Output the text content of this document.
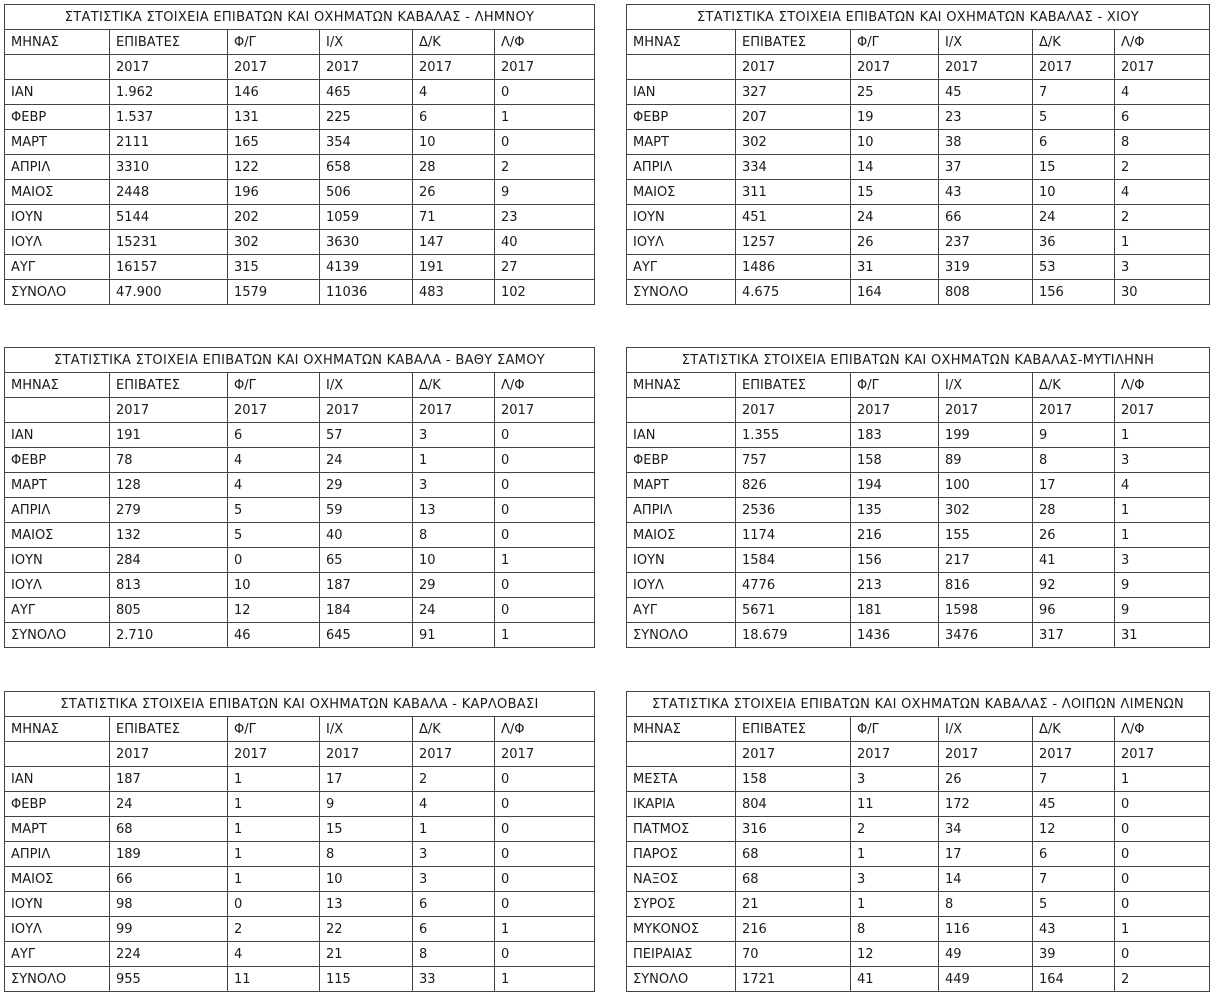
ΣΤΑΤΙΣΤΙΚΑ ΣΤΟΙΧΕΙΑ ΕΠΙΒΑΤΩΝ ΚΑΙ ΟΧΗΜΑΤΩΝ ΚΑΒΑΛΑΣ - ΛΗΜΝΟΥ					
ΜΗΝΑΣ	ΕΠΙΒΑΤΕΣ	Φ/Γ	Ι/Χ	Δ/Κ	Λ/Φ
	2017	2017	2017	2017	2017
ΙΑΝ	1.962	146	465	4	0
ΦΕΒΡ	1.537	131	225	6	1
ΜΑΡΤ	2111	165	354	10	0
ΑΠΡΙΛ	3310	122	658	28	2
ΜΑΙΟΣ	2448	196	506	26	9
ΙΟΥΝ	5144	202	1059	71	23
ΙΟΥΛ	15231	302	3630	147	40
ΑΥΓ	16157	315	4139	191	27
ΣΥΝΟΛΟ	47.900	1579	11036	483	102
ΣΤΑΤΙΣΤΙΚΑ ΣΤΟΙΧΕΙΑ ΕΠΙΒΑΤΩΝ ΚΑΙ ΟΧΗΜΑΤΩΝ ΚΑΒΑΛΑΣ - ΧΙΟΥ					
ΜΗΝΑΣ	ΕΠΙΒΑΤΕΣ	Φ/Γ	Ι/Χ	Δ/Κ	Λ/Φ
	2017	2017	2017	2017	2017
ΙΑΝ	327	25	45	7	4
ΦΕΒΡ	207	19	23	5	6
ΜΑΡΤ	302	10	38	6	8
ΑΠΡΙΛ	334	14	37	15	2
ΜΑΙΟΣ	311	15	43	10	4
ΙΟΥΝ	451	24	66	24	2
ΙΟΥΛ	1257	26	237	36	1
ΑΥΓ	1486	31	319	53	3
ΣΥΝΟΛΟ	4.675	164	808	156	30
ΣΤΑΤΙΣΤΙΚΑ ΣΤΟΙΧΕΙΑ ΕΠΙΒΑΤΩΝ ΚΑΙ ΟΧΗΜΑΤΩΝ ΚΑΒΑΛΑ - ΒΑΘΥ ΣΑΜΟΥ					
ΜΗΝΑΣ	ΕΠΙΒΑΤΕΣ	Φ/Γ	Ι/Χ	Δ/Κ	Λ/Φ
	2017	2017	2017	2017	2017
ΙΑΝ	191	6	57	3	0
ΦΕΒΡ	78	4	24	1	0
ΜΑΡΤ	128	4	29	3	0
ΑΠΡΙΛ	279	5	59	13	0
ΜΑΙΟΣ	132	5	40	8	0
ΙΟΥΝ	284	0	65	10	1
ΙΟΥΛ	813	10	187	29	0
ΑΥΓ	805	12	184	24	0
ΣΥΝΟΛΟ	2.710	46	645	91	1
ΣΤΑΤΙΣΤΙΚΑ ΣΤΟΙΧΕΙΑ ΕΠΙΒΑΤΩΝ ΚΑΙ ΟΧΗΜΑΤΩΝ ΚΑΒΑΛΑΣ-ΜΥΤΙΛΗΝΗ					
ΜΗΝΑΣ	ΕΠΙΒΑΤΕΣ	Φ/Γ	Ι/Χ	Δ/Κ	Λ/Φ
	2017	2017	2017	2017	2017
ΙΑΝ	1.355	183	199	9	1
ΦΕΒΡ	757	158	89	8	3
ΜΑΡΤ	826	194	100	17	4
ΑΠΡΙΛ	2536	135	302	28	1
ΜΑΙΟΣ	1174	216	155	26	1
ΙΟΥΝ	1584	156	217	41	3
ΙΟΥΛ	4776	213	816	92	9
ΑΥΓ	5671	181	1598	96	9
ΣΥΝΟΛΟ	18.679	1436	3476	317	31
ΣΤΑΤΙΣΤΙΚΑ ΣΤΟΙΧΕΙΑ ΕΠΙΒΑΤΩΝ ΚΑΙ ΟΧΗΜΑΤΩΝ ΚΑΒΑΛΑ - ΚΑΡΛΟΒΑΣΙ					
ΜΗΝΑΣ	ΕΠΙΒΑΤΕΣ	Φ/Γ	Ι/Χ	Δ/Κ	Λ/Φ
	2017	2017	2017	2017	2017
ΙΑΝ	187	1	17	2	0
ΦΕΒΡ	24	1	9	4	0
ΜΑΡΤ	68	1	15	1	0
ΑΠΡΙΛ	189	1	8	3	0
ΜΑΙΟΣ	66	1	10	3	0
ΙΟΥΝ	98	0	13	6	0
ΙΟΥΛ	99	2	22	6	1
ΑΥΓ	224	4	21	8	0
ΣΥΝΟΛΟ	955	11	115	33	1
ΣΤΑΤΙΣΤΙΚΑ ΣΤΟΙΧΕΙΑ ΕΠΙΒΑΤΩΝ ΚΑΙ ΟΧΗΜΑΤΩΝ ΚΑΒΑΛΑΣ - ΛΟΙΠΩΝ ΛΙΜΕΝΩΝ					
ΜΗΝΑΣ	ΕΠΙΒΑΤΕΣ	Φ/Γ	Ι/Χ	Δ/Κ	Λ/Φ
	2017	2017	2017	2017	2017
ΜΕΣΤΑ	158	3	26	7	1
ΙΚΑΡΙΑ	804	11	172	45	0
ΠΑΤΜΟΣ	316	2	34	12	0
ΠΑΡΟΣ	68	1	17	6	0
ΝΑΞΟΣ	68	3	14	7	0
ΣΥΡΟΣ	21	1	8	5	0
ΜΥΚΟΝΟΣ	216	8	116	43	1
ΠΕΙΡΑΙΑΣ	70	12	49	39	0
ΣΥΝΟΛΟ	1721	41	449	164	2
